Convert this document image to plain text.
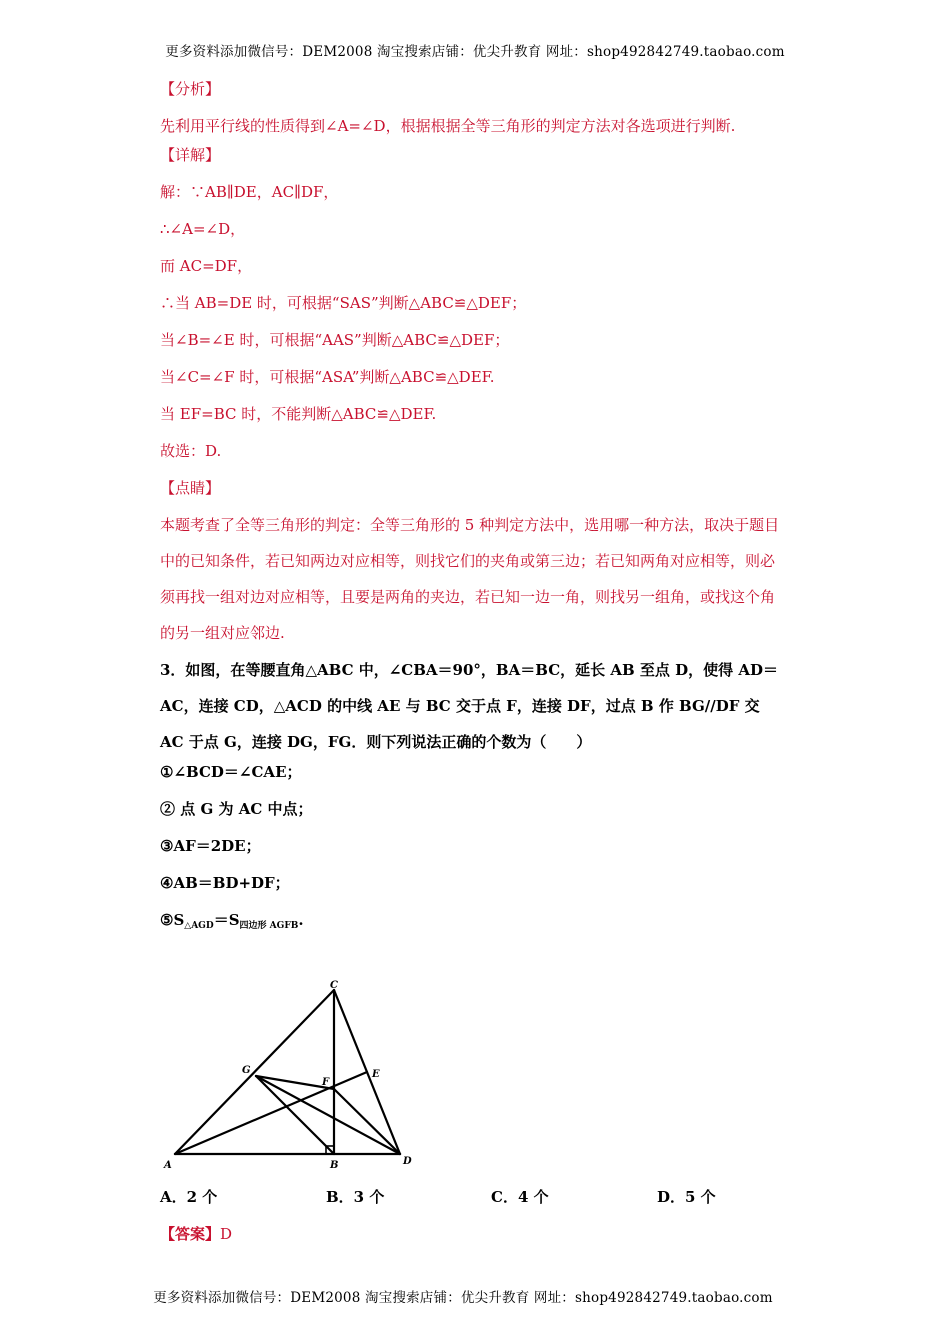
更多资料添加微信号：DEM2008 淘宝搜索店铺：优尖升教育 网址：shop492842749.taobao.com
【分析】
先利用平行线的性质得到∠A=∠D，根据根据全等三角形的判定方法对各选项进行判断.
【详解】
解：∵AB∥DE，AC∥DF，
∴∠A=∠D，
而 AC=DF，
∴当 AB=DE 时，可根据“SAS”判断△ABC≌△DEF；
当∠B=∠E 时，可根据“AAS”判断△ABC≌△DEF；
当∠C=∠F 时，可根据“ASA”判断△ABC≌△DEF.
当 EF=BC 时，不能判断△ABC≌△DEF.
故选：D.
【点睛】
本题考查了全等三角形的判定：全等三角形的 5 种判定方法中，选用哪一种方法，取决于题目中的已知条件，若已知两边对应相等，则找它们的夹角或第三边；若已知两角对应相等，则必须再找一组对边对应相等，且要是两角的夹边，若已知一边一角，则找另一组角，或找这个角的另一组对应邻边.
3．如图，在等腰直角△ABC 中，∠CBA＝90°，BA＝BC，延长 AB 至点 D，使得 AD＝AC，连接 CD，△ACD 的中线 AE 与 BC 交于点 F，连接 DF，过点 B 作 BG//DF 交 AC 于点 G，连接 DG，FG．则下列说法正确的个数为（　　）
①∠BCD＝∠CAE；
② 点 G 为 AC 中点；
③AF＝2DE；
④AB＝BD+DF；
$⑤S_{\triangle AGD}=S_{四边形 AGFB}$.
C
G	E
F
A	B	D
A．2 个	B．3 个	C．4 个	D．5 个
【答案】D
更多资料添加微信号：DEM2008 淘宝搜索店铺：优尖升教育 网址：shop492842749.taobao.com
